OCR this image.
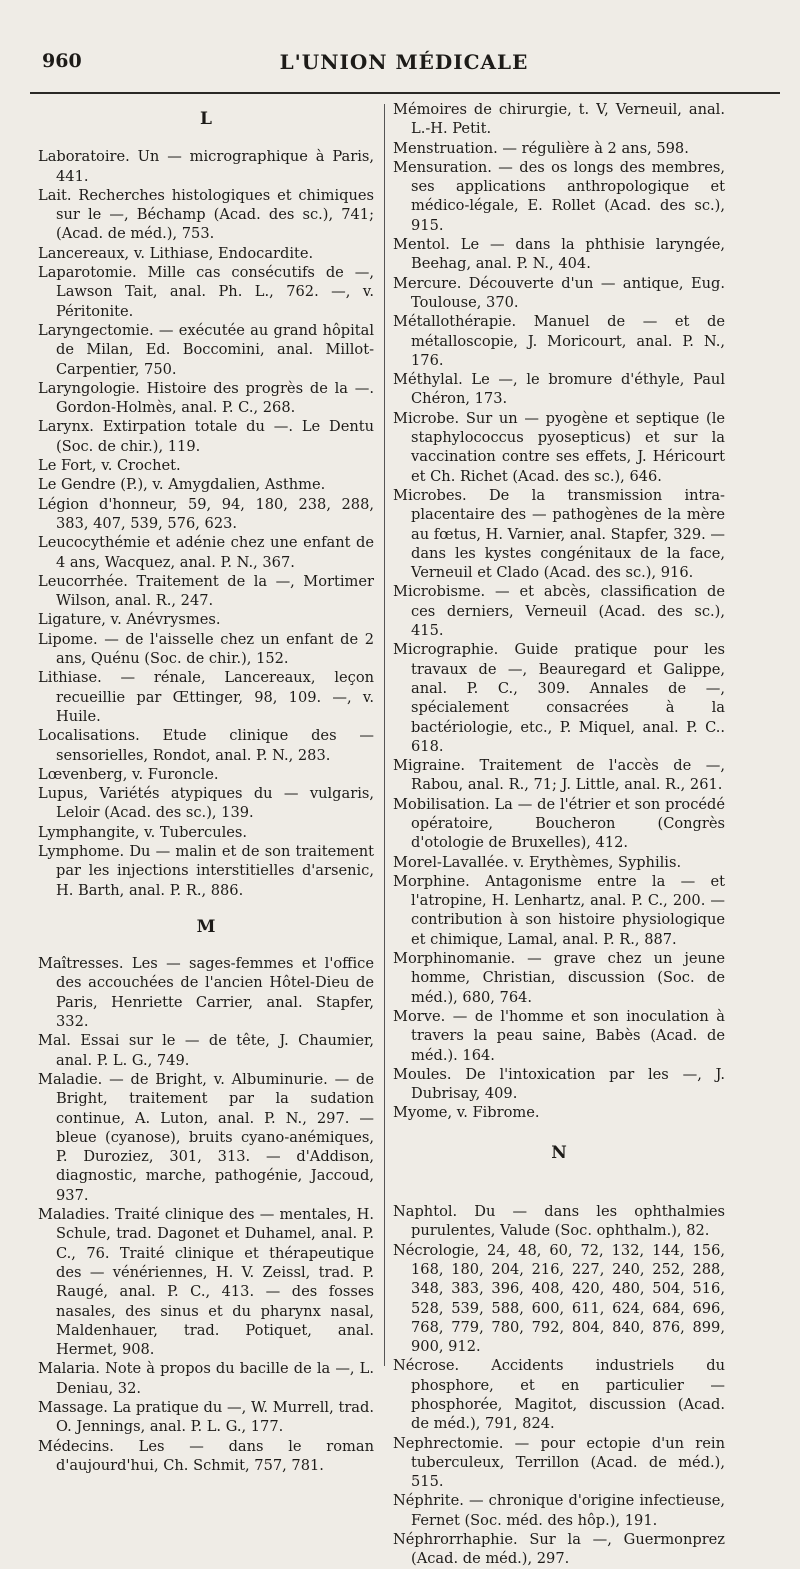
960	L'UNION MÉDICALE

L

Laboratoire. Un — micrographique à Paris, 441.

Lait. Recherches histologiques et chimiques sur le —, Béchamp (Acad. des sc.), 741; (Acad. de méd.), 753.

Lancereaux, v. Lithiase, Endocardite.

Laparotomie. Mille cas consécutifs de —, Lawson Tait, anal. Ph. L., 762. —, v. Péritonite.

Laryngectomie. — exécutée au grand hôpital de Milan, Ed. Boccomini, anal. Millot-Carpentier, 750.

Laryngologie. Histoire des progrès de la —. Gordon-Holmès, anal. P. C., 268.

Larynx. Extirpation totale du —. Le Dentu (Soc. de chir.), 119.

Le Fort, v. Crochet.

Le Gendre (P.), v. Amygdalien, Asthme.

Légion d'honneur, 59, 94, 180, 238, 288, 383, 407, 539, 576, 623.

Leucocythémie et adénie chez une enfant de 4 ans, Wacquez, anal. P. N., 367.

Leucorrhée. Traitement de la —, Mortimer Wilson, anal. R., 247.

Ligature, v. Anévrysmes.

Lipome. — de l'aisselle chez un enfant de 2 ans, Quénu (Soc. de chir.), 152.

Lithiase. — rénale, Lancereaux, leçon recueillie par Œttinger, 98, 109. —, v. Huile.

Localisations. Etude clinique des — sensorielles, Rondot, anal. P. N., 283.

Lœvenberg, v. Furoncle.

Lupus, Variétés atypiques du — vulgaris, Leloir (Acad. des sc.), 139.

Lymphangite, v. Tubercules.

Lymphome. Du — malin et de son traitement par les injections interstitielles d'arsenic, H. Barth, anal. P. R., 886.

M

Maîtresses. Les — sages-femmes et l'office des accouchées de l'ancien Hôtel-Dieu de Paris, Henriette Carrier, anal. Stapfer, 332.

Mal. Essai sur le — de tête, J. Chaumier, anal. P. L. G., 749.

Maladie. — de Bright, v. Albuminurie. — de Bright, traitement par la sudation continue, A. Luton, anal. P. N., 297. — bleue (cyanose), bruits cyano-anémiques, P. Duroziez, 301, 313. — d'Addison, diagnostic, marche, pathogénie, Jaccoud, 937.

Maladies. Traité clinique des — mentales, H. Schule, trad. Dagonet et Duhamel, anal. P. C., 76. Traité clinique et thérapeutique des — vénériennes, H. V. Zeissl, trad. P. Raugé, anal. P. C., 413. — des fosses nasales, des sinus et du pharynx nasal, Maldenhauer, trad. Potiquet, anal. Hermet, 908.

Malaria. Note à propos du bacille de la —, L. Deniau, 32.

Massage. La pratique du —, W. Murrell, trad. O. Jennings, anal. P. L. G., 177.

Médecins. Les — dans le roman d'aujourd'hui, Ch. Schmit, 757, 781.

Mémoires de chirurgie, t. V, Verneuil, anal. L.-H. Petit.

Menstruation. — régulière à 2 ans, 598.

Mensuration. — des os longs des membres, ses applications anthropologique et médico-légale, E. Rollet (Acad. des sc.), 915.

Mentol. Le — dans la phthisie laryngée, Beehag, anal. P. N., 404.

Mercure. Découverte d'un — antique, Eug. Toulouse, 370.

Métallothérapie. Manuel de — et de métalloscopie, J. Moricourt, anal. P. N., 176.

Méthylal. Le —, le bromure d'éthyle, Paul Chéron, 173.

Microbe. Sur un — pyogène et septique (le staphylococcus pyosepticus) et sur la vaccination contre ses effets, J. Héricourt et Ch. Richet (Acad. des sc.), 646.

Microbes. De la transmission intra-placentaire des — pathogènes de la mère au fœtus, H. Varnier, anal. Stapfer, 329. — dans les kystes congénitaux de la face, Verneuil et Clado (Acad. des sc.), 916.

Microbisme. — et abcès, classification de ces derniers, Verneuil (Acad. des sc.), 415.

Micrographie. Guide pratique pour les travaux de —, Beauregard et Galippe, anal. P. C., 309. Annales de —, spécialement consacrées à la bactériologie, etc., P. Miquel, anal. P. C.. 618.

Migraine. Traitement de l'accès de —, Rabou, anal. R., 71; J. Little, anal. R., 261.

Mobilisation. La — de l'étrier et son procédé opératoire, Boucheron (Congrès d'otologie de Bruxelles), 412.

Morel-Lavallée. v. Erythèmes, Syphilis.

Morphine. Antagonisme entre la — et l'atropine, H. Lenhartz, anal. P. C., 200. — contribution à son histoire physiologique et chimique, Lamal, anal. P. R., 887.

Morphinomanie. — grave chez un jeune homme, Christian, discussion (Soc. de méd.), 680, 764.

Morve. — de l'homme et son inoculation à travers la peau saine, Babès (Acad. de méd.). 164.

Moules. De l'intoxication par les —, J. Dubrisay, 409.

Myome, v. Fibrome.

N

Naphtol. Du — dans les ophthalmies purulentes, Valude (Soc. ophthalm.), 82.

Nécrologie, 24, 48, 60, 72, 132, 144, 156, 168, 180, 204, 216, 227, 240, 252, 288, 348, 383, 396, 408, 420, 480, 504, 516, 528, 539, 588, 600, 611, 624, 684, 696, 768, 779, 780, 792, 804, 840, 876, 899, 900, 912.

Nécrose. Accidents industriels du phosphore, et en particulier — phosphorée, Magitot, discussion (Acad. de méd.), 791, 824.

Nephrectomie. — pour ectopie d'un rein tuberculeux, Terrillon (Acad. de méd.), 515.

Néphrite. — chronique d'origine infectieuse, Fernet (Soc. méd. des hôp.), 191.

Néphrorrhaphie. Sur la —, Guermonprez (Acad. de méd.), 297.
